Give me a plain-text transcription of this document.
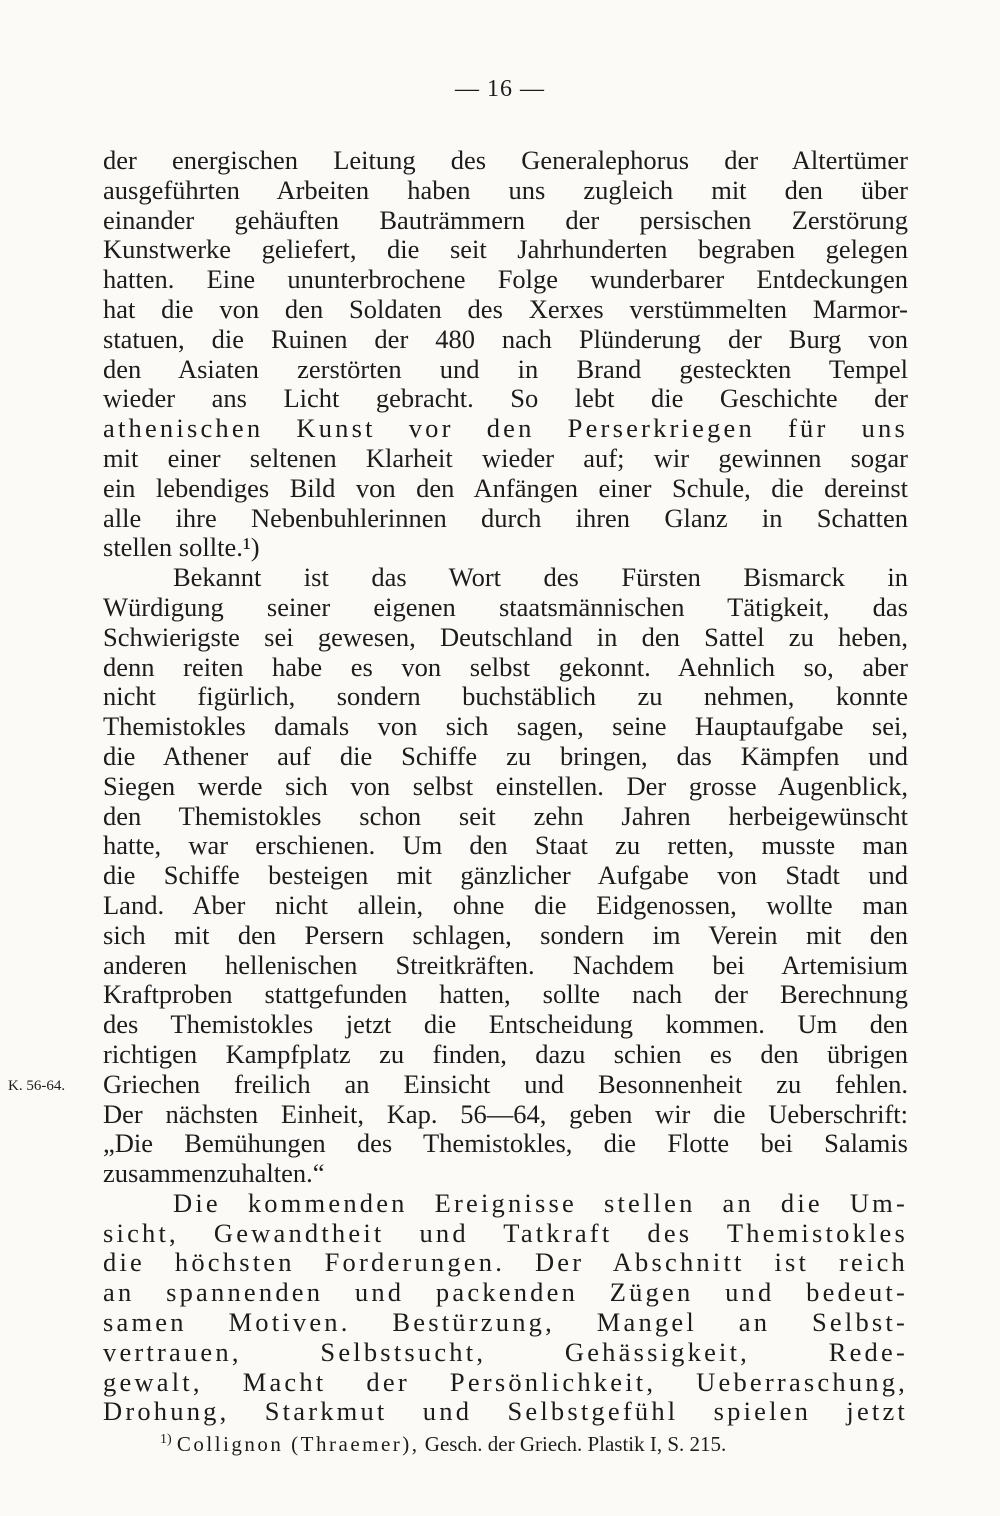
— 16 —
K. 56-64.
der energischen Leitung des Generalephorus der Altertümer
ausgeführten Arbeiten haben uns zugleich mit den über
einander gehäuften Bauträmmern der persischen Zerstörung
Kunstwerke geliefert, die seit Jahrhunderten begraben gelegen
hatten. Eine ununterbrochene Folge wunderbarer Entdeckungen
hat die von den Soldaten des Xerxes verstümmelten Marmor-
statuen, die Ruinen der 480 nach Plünderung der Burg von
den Asiaten zerstörten und in Brand gesteckten Tempel
wieder ans Licht gebracht. So lebt die Geschichte der
athenischen Kunst vor den Perserkriegen für uns
mit einer seltenen Klarheit wieder auf; wir gewinnen sogar
ein lebendiges Bild von den Anfängen einer Schule, die dereinst
alle ihre Nebenbuhlerinnen durch ihren Glanz in Schatten
stellen sollte.¹)
Bekannt ist das Wort des Fürsten Bismarck in
Würdigung seiner eigenen staatsmännischen Tätigkeit, das
Schwierigste sei gewesen, Deutschland in den Sattel zu heben,
denn reiten habe es von selbst gekonnt. Aehnlich so, aber
nicht figürlich, sondern buchstäblich zu nehmen, konnte
Themistokles damals von sich sagen, seine Hauptaufgabe sei,
die Athener auf die Schiffe zu bringen, das Kämpfen und
Siegen werde sich von selbst einstellen. Der grosse Augenblick,
den Themistokles schon seit zehn Jahren herbeigewünscht
hatte, war erschienen. Um den Staat zu retten, musste man
die Schiffe besteigen mit gänzlicher Aufgabe von Stadt und
Land. Aber nicht allein, ohne die Eidgenossen, wollte man
sich mit den Persern schlagen, sondern im Verein mit den
anderen hellenischen Streitkräften. Nachdem bei Artemisium
Kraftproben stattgefunden hatten, sollte nach der Berechnung
des Themistokles jetzt die Entscheidung kommen. Um den
richtigen Kampfplatz zu finden, dazu schien es den übrigen
Griechen freilich an Einsicht und Besonnenheit zu fehlen.
Der nächsten Einheit, Kap. 56—64, geben wir die Ueberschrift:
„Die Bemühungen des Themistokles, die Flotte bei Salamis
zusammenzuhalten.“
Die kommenden Ereignisse stellen an die Um-
sicht, Gewandtheit und Tatkraft des Themistokles
die höchsten Forderungen. Der Abschnitt ist reich
an spannenden und packenden Zügen und bedeut-
samen Motiven. Bestürzung, Mangel an Selbst-
vertrauen, Selbstsucht, Gehässigkeit, Rede-
gewalt, Macht der Persönlichkeit, Ueberraschung,
Drohung, Starkmut und Selbstgefühl spielen jetzt
$^{1)}$ Collignon (Thraemer), Gesch. der Griech. Plastik I, S. 215.
